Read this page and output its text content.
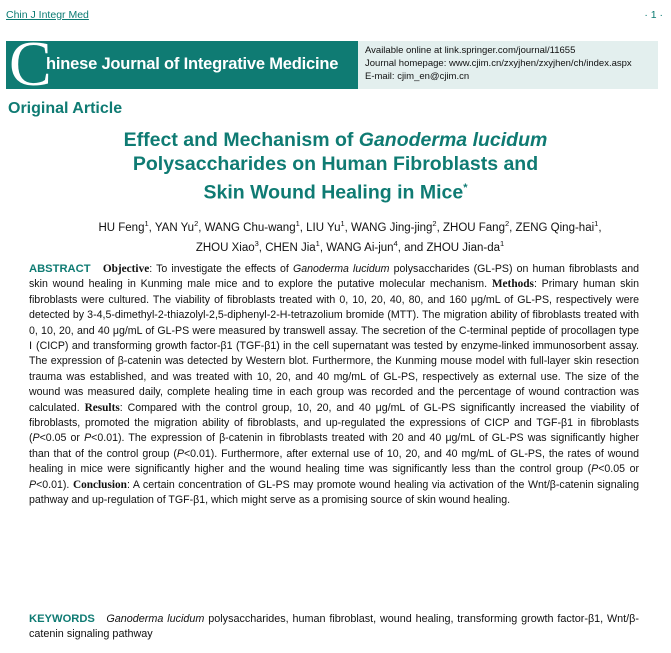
Chin J Integr Med	· 1 ·
C
hinese Journal of Integrative Medicine
Available online at link.springer.com/journal/11655
Journal homepage: www.cjim.cn/zxyjhen/zxyjhen/ch/index.aspx
E-mail: cjim_en@cjim.cn
Original Article
Effect and Mechanism of Ganoderma lucidum
Polysaccharides on Human Fibroblasts and
Skin Wound Healing in Mice*
HU Feng$^1$, YAN Yu$^2$, WANG Chu-wang$^1$, LIU Yu$^1$, WANG Jing-jing$^2$, ZHOU Fang$^2$, ZENG Qing-hai$^1$,
ZHOU Xiao$^3$, CHEN Jia$^1$, WANG Ai-jun$^4$, and ZHOU Jian-$da^1$
ABSTRACT Objective: To investigate the effects of Ganoderma lucidum polysaccharides (GL-PS) on human fibroblasts and skin wound healing in Kunming male mice and to explore the putative molecular mechanism. Methods: Primary human skin fibroblasts were cultured. The viability of fibroblasts treated with 0, 10, 20, 40, 80, and 160 μg/mL of GL-PS, respectively were detected by 3-4,5-dimethyl-2-thiazolyl-2,5-diphenyl-2-H-tetrazolium bromide (MTT). The migration ability of fibroblasts treated with 0, 10, 20, and 40 μg/mL of GL-PS were measured by transwell assay. The secretion of the C-terminal peptide of procollagen type Ⅰ (CICP) and transforming growth factor-β1 (TGF-β1) in the cell supernatant was tested by enzyme-linked immunosorbent assay. The expression of β-catenin was detected by Western blot. Furthermore, the Kunming mouse model with full-layer skin resection trauma was established, and was treated with 10, 20, and 40 mg/mL of GL-PS, respectively as external use. The size of the wound was measured daily, complete healing time in each group was recorded and the percentage of wound contraction was calculated. Results: Compared with the control group, 10, 20, and 40 μg/mL of GL-PS significantly increased the viability of fibroblasts, promoted the migration ability of fibroblasts, and up-regulated the expressions of CICP and TGF-β1 in fibroblasts (P<0.05 or P<0.01). The expression of β-catenin in fibroblasts treated with 20 and 40 μg/mL of GL-PS was significantly higher than that of the control group (P<0.01). Furthermore, after external use of 10, 20, and 40 mg/mL of GL-PS, the rates of wound healing in mice were significantly higher and the wound healing time was significantly less than the control group (P<0.05 or P<0.01). Conclusion: A certain concentration of GL-PS may promote wound healing via activation of the Wnt/β-catenin signaling pathway and up-regulation of TGF-β1, which might serve as a promising source of skin wound healing.
KEYWORDS Ganoderma lucidum polysaccharides, human fibroblast, wound healing, transforming growth factor-β1, Wnt/β-catenin signaling pathway
